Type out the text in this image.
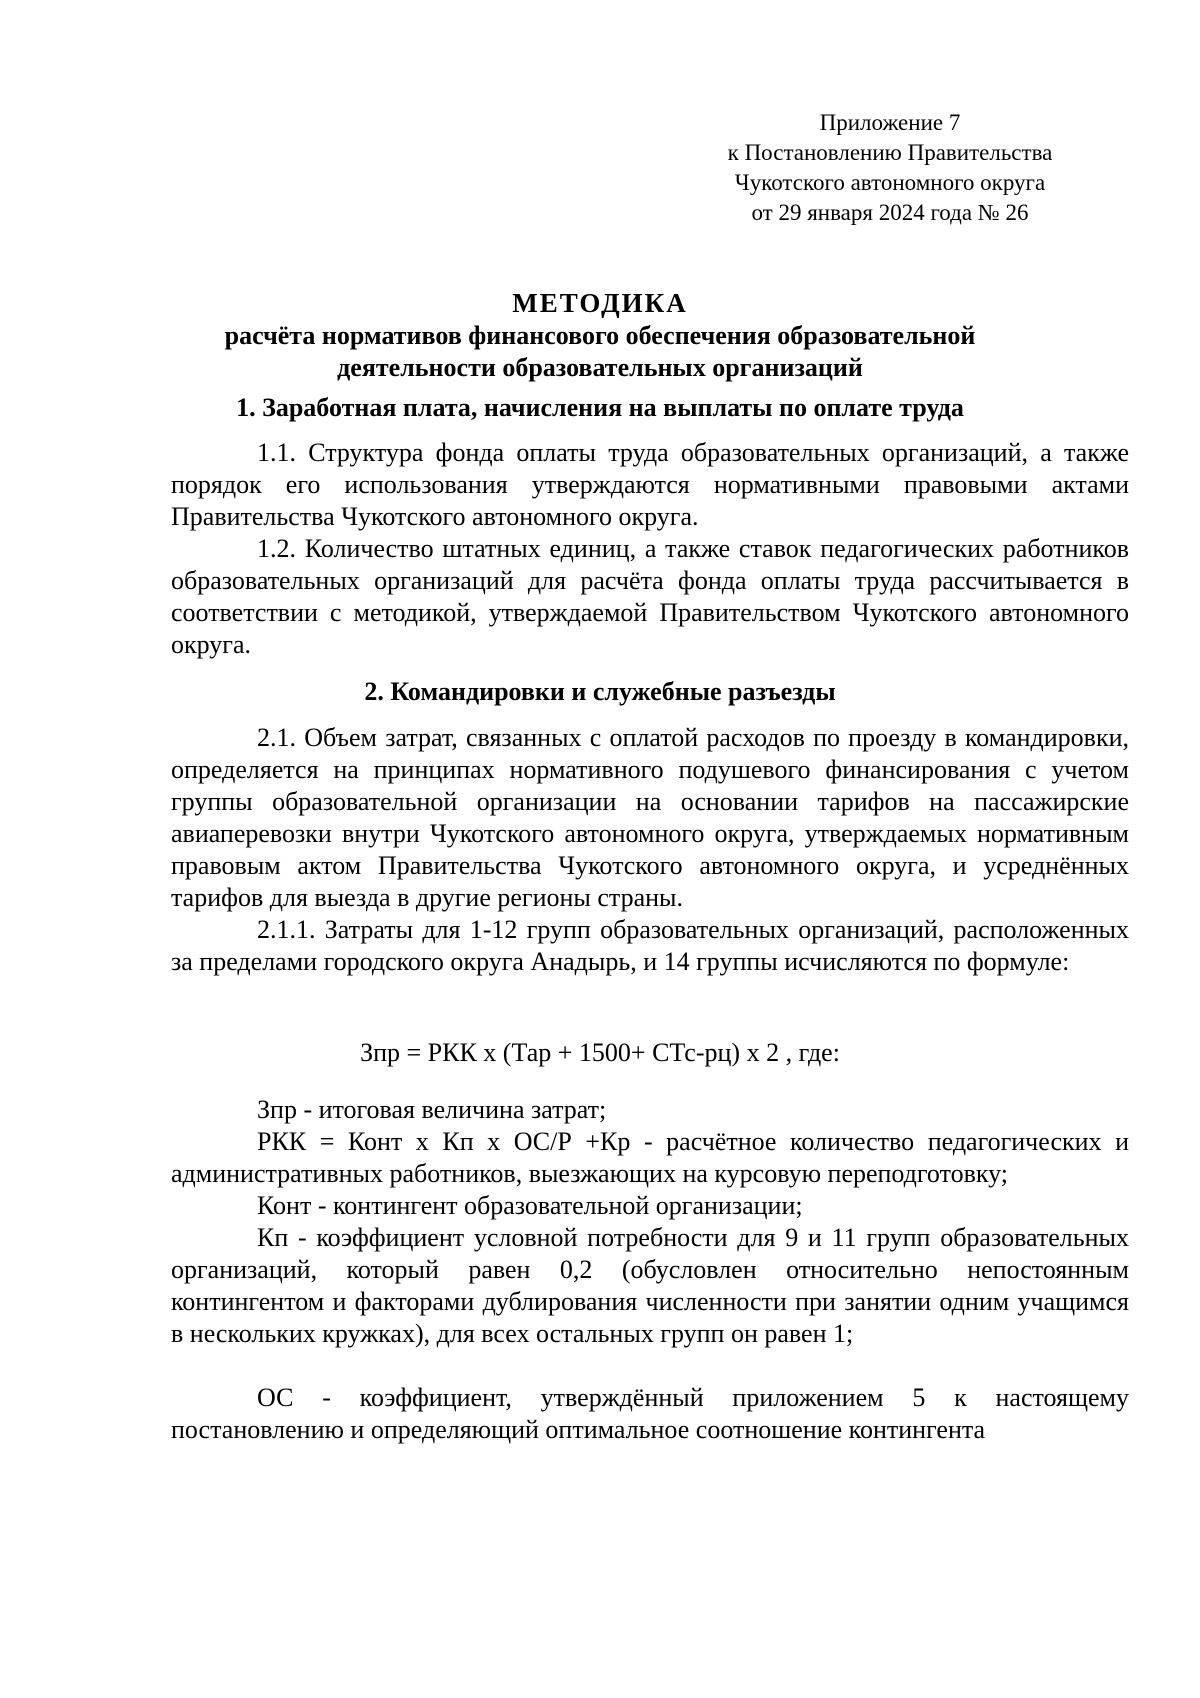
Приложение 7
к Постановлению Правительства
Чукотского автономного округа
от 29 января 2024 года № 26
МЕТОДИКА
расчёта нормативов финансового обеспечения образовательной
деятельности образовательных организаций
1. Заработная плата, начисления на выплаты по оплате труда
1.1. Структура фонда оплаты труда образовательных организаций, а также порядок его использования утверждаются нормативными правовыми актами Правительства Чукотского автономного округа.
1.2. Количество штатных единиц, а также ставок педагогических работников образовательных организаций для расчёта фонда оплаты труда рассчитывается в соответствии с методикой, утверждаемой Правительством Чукотского автономного округа.
2. Командировки и служебные разъезды
2.1. Объем затрат, связанных с оплатой расходов по проезду в командировки, определяется на принципах нормативного подушевого финансирования с учетом группы образовательной организации на основании тарифов на пассажирские авиаперевозки внутри Чукотского автономного округа, утверждаемых нормативным правовым актом Правительства Чукотского автономного округа, и усреднённых тарифов для выезда в другие регионы страны.
2.1.1. Затраты для 1-12 групп образовательных организаций, расположенных за пределами городского округа Анадырь, и 14 группы исчисляются по формуле:
Зпр = РКК х (Тар + 1500+ СТс-рц) х 2 , где:
Зпр - итоговая величина затрат;
РКК = Конт х Кп х ОС/Р +Кр - расчётное количество педагогических и административных работников, выезжающих на курсовую переподготовку;
Конт - контингент образовательной организации;
Кп - коэффициент условной потребности для 9 и 11 групп образовательных организаций, который равен 0,2 (обусловлен относительно непостоянным контингентом и факторами дублирования численности при занятии одним учащимся в нескольких кружках), для всех остальных групп он равен 1;
ОС - коэффициент, утверждённый приложением 5 к настоящему постановлению и определяющий оптимальное соотношение контингента
